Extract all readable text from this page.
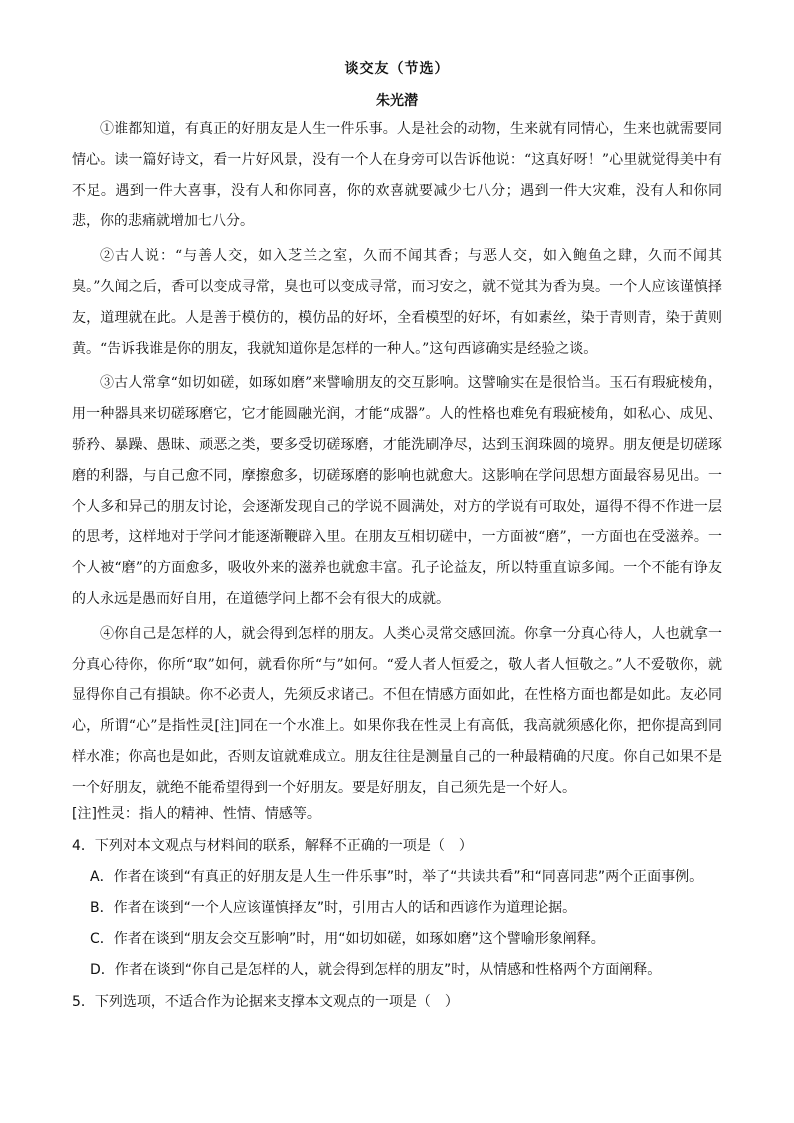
谈交友（节选）
朱光潜

①谁都知道，有真正的好朋友是人生一件乐事。人是社会的动物，生来就有同情心，生来也就需要同情心。读一篇好诗文，看一片好风景，没有一个人在身旁可以告诉他说：“这真好呀！”心里就觉得美中有不足。遇到一件大喜事，没有人和你同喜，你的欢喜就要减少七八分；遇到一件大灾难，没有人和你同悲，你的悲痛就增加七八分。

②古人说：“与善人交，如入芝兰之室，久而不闻其香；与恶人交，如入鲍鱼之肆，久而不闻其臭。”久闻之后，香可以变成寻常，臭也可以变成寻常，而习安之，就不觉其为香为臭。一个人应该谨慎择友，道理就在此。人是善于模仿的，模仿品的好坏，全看模型的好坏，有如素丝，染于青则青，染于黄则黄。“告诉我谁是你的朋友，我就知道你是怎样的一种人。”这句西谚确实是经验之谈。

③古人常拿“如切如磋，如琢如磨”来譬喻朋友的交互影响。这譬喻实在是很恰当。玉石有瑕疵棱角，用一种器具来切磋琢磨它，它才能圆融光润，才能“成器”。人的性格也难免有瑕疵棱角，如私心、成见、骄矜、暴躁、愚昧、顽恶之类，要多受切磋琢磨，才能洗刷净尽，达到玉润珠圆的境界。朋友便是切磋琢磨的利器，与自己愈不同，摩擦愈多，切磋琢磨的影响也就愈大。这影响在学问思想方面最容易见出。一个人多和异己的朋友讨论，会逐渐发现自己的学说不圆满处，对方的学说有可取处，逼得不得不作进一层的思考，这样地对于学问才能逐渐鞭辟入里。在朋友互相切磋中，一方面被“磨”，一方面也在受滋养。一个人被“磨”的方面愈多，吸收外来的滋养也就愈丰富。孔子论益友，所以特重直谅多闻。一个不能有诤友的人永远是愚而好自用，在道德学问上都不会有很大的成就。

④你自己是怎样的人，就会得到怎样的朋友。人类心灵常交感回流。你拿一分真心待人，人也就拿一分真心待你，你所“取”如何，就看你所“与”如何。“爱人者人恒爱之，敬人者人恒敬之。”人不爱敬你，就显得你自己有損缺。你不必责人，先须反求诸己。不但在情感方面如此，在性格方面也都是如此。友必同心，所谓“心”是指性灵[注]同在一个水准上。如果你我在性灵上有高低，我高就须感化你，把你提高到同样水准；你高也是如此，否则友谊就难成立。朋友往往是测量自己的一种最精确的尺度。你自己如果不是一个好朋友，就绝不能希望得到一个好朋友。要是好朋友，自己须先是一个好人。

[注]性灵：指人的精神、性情、情感等。
4．下列对本文观点与材料间的联系，解释不正确的一项是（　）
A．作者在谈到“有真正的好朋友是人生一件乐事”时，举了“共读共看”和“同喜同悲”两个正面事例。
B．作者在谈到“一个人应该谨慎择友”时，引用古人的话和西谚作为道理论据。
C．作者在谈到“朋友会交互影响”时，用“如切如磋，如琢如磨”这个譬喻形象阐释。
D．作者在谈到“你自己是怎样的人，就会得到怎样的朋友”时，从情感和性格两个方面阐释。
5．下列选项，不适合作为论据来支撑本文观点的一项是（　）
